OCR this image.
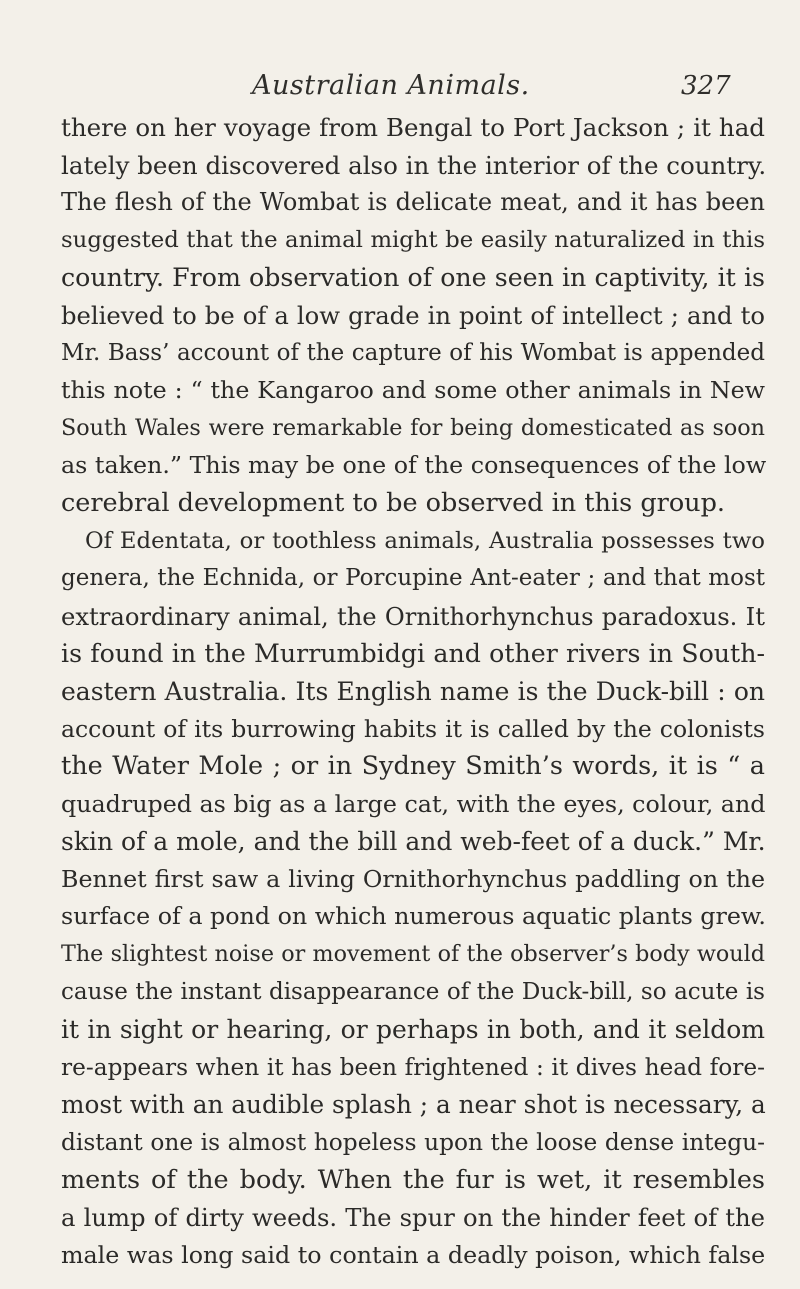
Australian Animals.	327
there on her voyage from Bengal to Port Jackson ; it had
lately been discovered also in the interior of the country.
The flesh of the Wombat is delicate meat, and it has been
suggested that the animal might be easily naturalized in this
country. From observation of one seen in captivity, it is
believed to be of a low grade in point of intellect ; and to
Mr. Bass’ account of the capture of his Wombat is appended
this note : “ the Kangaroo and some other animals in New
South Wales were remarkable for being domesticated as soon
as taken.” This may be one of the consequences of the low
cerebral development to be observed in this group.
Of Edentata, or toothless animals, Australia possesses two
genera, the Echnida, or Porcupine Ant-eater ; and that most
extraordinary animal, the Ornithorhynchus paradoxus. It
is found in the Murrumbidgi and other rivers in South-
eastern Australia. Its English name is the Duck-bill : on
account of its burrowing habits it is called by the colonists
the Water Mole ; or in Sydney Smith’s words, it is “ a
quadruped as big as a large cat, with the eyes, colour, and
skin of a mole, and the bill and web-feet of a duck.” Mr.
Bennet first saw a living Ornithorhynchus paddling on the
surface of a pond on which numerous aquatic plants grew.
The slightest noise or movement of the observer’s body would
cause the instant disappearance of the Duck-bill, so acute is
it in sight or hearing, or perhaps in both, and it seldom
re-appears when it has been frightened : it dives head fore-
most with an audible splash ; a near shot is necessary, a
distant one is almost hopeless upon the loose dense integu-
ments of the body. When the fur is wet, it resembles
a lump of dirty weeds. The spur on the hinder feet of the
male was long said to contain a deadly poison, which false
